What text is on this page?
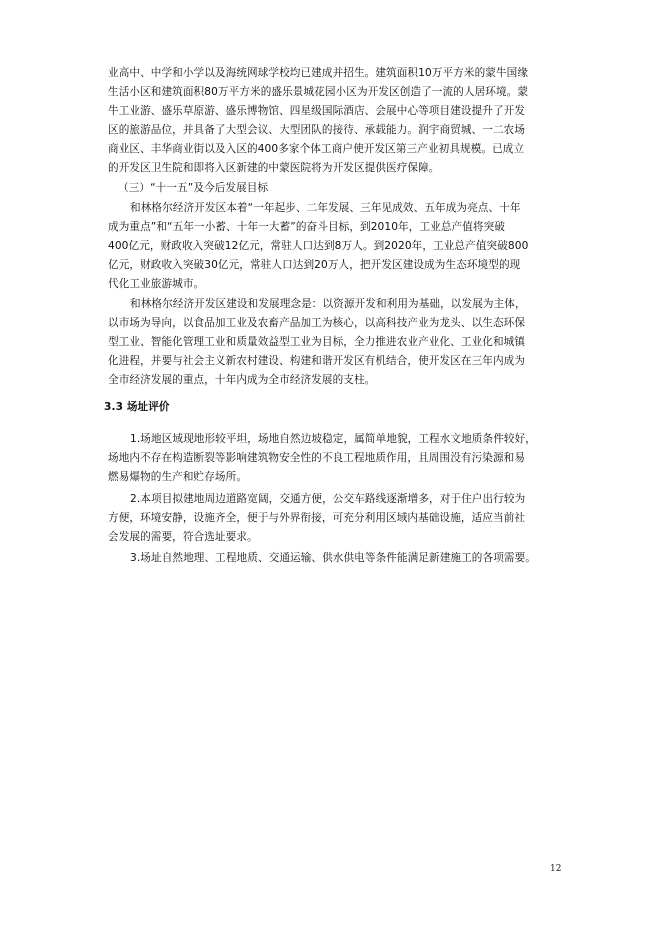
业高中、中学和小学以及海统网球学校均已建成并招生。建筑面积10万平方米的蒙牛国缘
生活小区和建筑面积80万平方米的盛乐景城花园小区为开发区创造了一流的人居环境。蒙
牛工业游、盛乐草原游、盛乐博物馆、四星级国际酒店、会展中心等项目建设提升了开发
区的旅游品位，并具备了大型会议、大型团队的接待、承载能力。润宇商贸城、一二农场
商业区、丰华商业街以及入区的400多家个体工商户使开发区第三产业初具规模。已成立
的开发区卫生院和即将入区新建的中蒙医院将为开发区提供医疗保障。
（三）“十一五”及今后发展目标
和林格尔经济开发区本着“一年起步、二年发展、三年见成效、五年成为亮点、十年
成为重点”和“五年一小蓄、十年一大蓄”的奋斗目标，到2010年，工业总产值将突破
400亿元，财政收入突破12亿元，常驻人口达到8万人。到2020年，工业总产值突破800
亿元，财政收入突破30亿元，常驻人口达到20万人，把开发区建设成为生态环境型的现
代化工业旅游城市。
和林格尔经济开发区建设和发展理念是：以资源开发和利用为基础，以发展为主体，
以市场为导向，以食品加工业及农畜产品加工为核心，以高科技产业为龙头、以生态环保
型工业、智能化管理工业和质量效益型工业为目标，全力推进农业产业化、工业化和城镇
化进程，并要与社会主义新农村建设、构建和谐开发区有机结合，使开发区在三年内成为
全市经济发展的重点，十年内成为全市经济发展的支柱。
3.3 场址评价
1.场地区域现地形较平坦，场地自然边坡稳定，属简单地貌，工程水文地质条件较好，
场地内不存在构造断裂等影响建筑物安全性的不良工程地质作用，且周围没有污染源和易
燃易爆物的生产和贮存场所。
2.本项目拟建地周边道路宽阔，交通方便，公交车路线逐渐增多，对于住户出行较为
方便，环境安静，设施齐全，便于与外界衔接，可充分利用区域内基础设施，适应当前社
会发展的需要，符合选址要求。
3.场址自然地理、工程地质、交通运输、供水供电等条件能满足新建施工的各项需要。
12
